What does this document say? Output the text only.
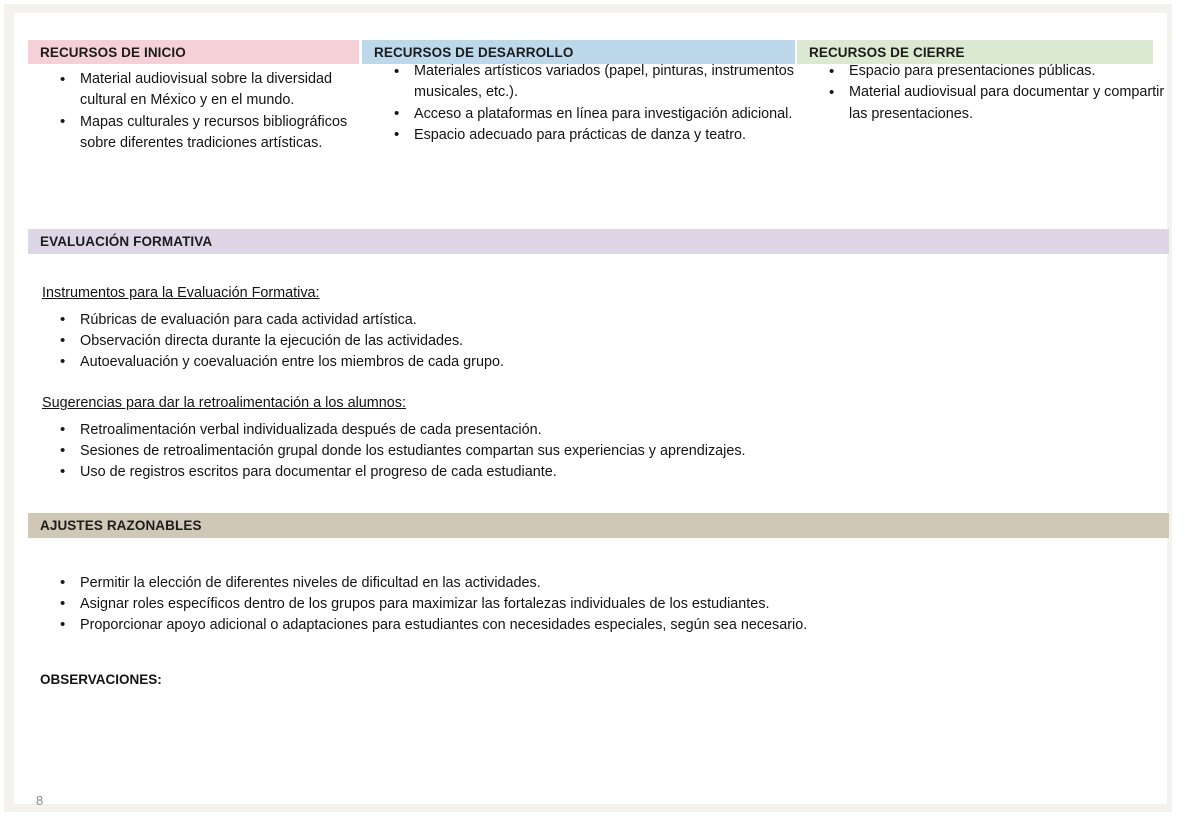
RECURSOS DE INICIO	RECURSOS DE DESARROLLO	RECURSOS DE CIERRE
• Material audiovisual sobre la diversidad cultural en México y en el mundo.
• Mapas culturales y recursos bibliográficos sobre diferentes tradiciones artísticas.
• Materiales artísticos variados (papel, pinturas, instrumentos musicales, etc.).
• Acceso a plataformas en línea para investigación adicional.
• Espacio adecuado para prácticas de danza y teatro.
• Espacio para presentaciones públicas.
• Material audiovisual para documentar y compartir las presentaciones.
EVALUACIÓN FORMATIVA
Instrumentos para la Evaluación Formativa:
• Rúbricas de evaluación para cada actividad artística.
• Observación directa durante la ejecución de las actividades.
• Autoevaluación y coevaluación entre los miembros de cada grupo.
Sugerencias para dar la retroalimentación a los alumnos:
• Retroalimentación verbal individualizada después de cada presentación.
• Sesiones de retroalimentación grupal donde los estudiantes compartan sus experiencias y aprendizajes.
• Uso de registros escritos para documentar el progreso de cada estudiante.
AJUSTES RAZONABLES
• Permitir la elección de diferentes niveles de dificultad en las actividades.
• Asignar roles específicos dentro de los grupos para maximizar las fortalezas individuales de los estudiantes.
• Proporcionar apoyo adicional o adaptaciones para estudiantes con necesidades especiales, según sea necesario.
OBSERVACIONES:
8
